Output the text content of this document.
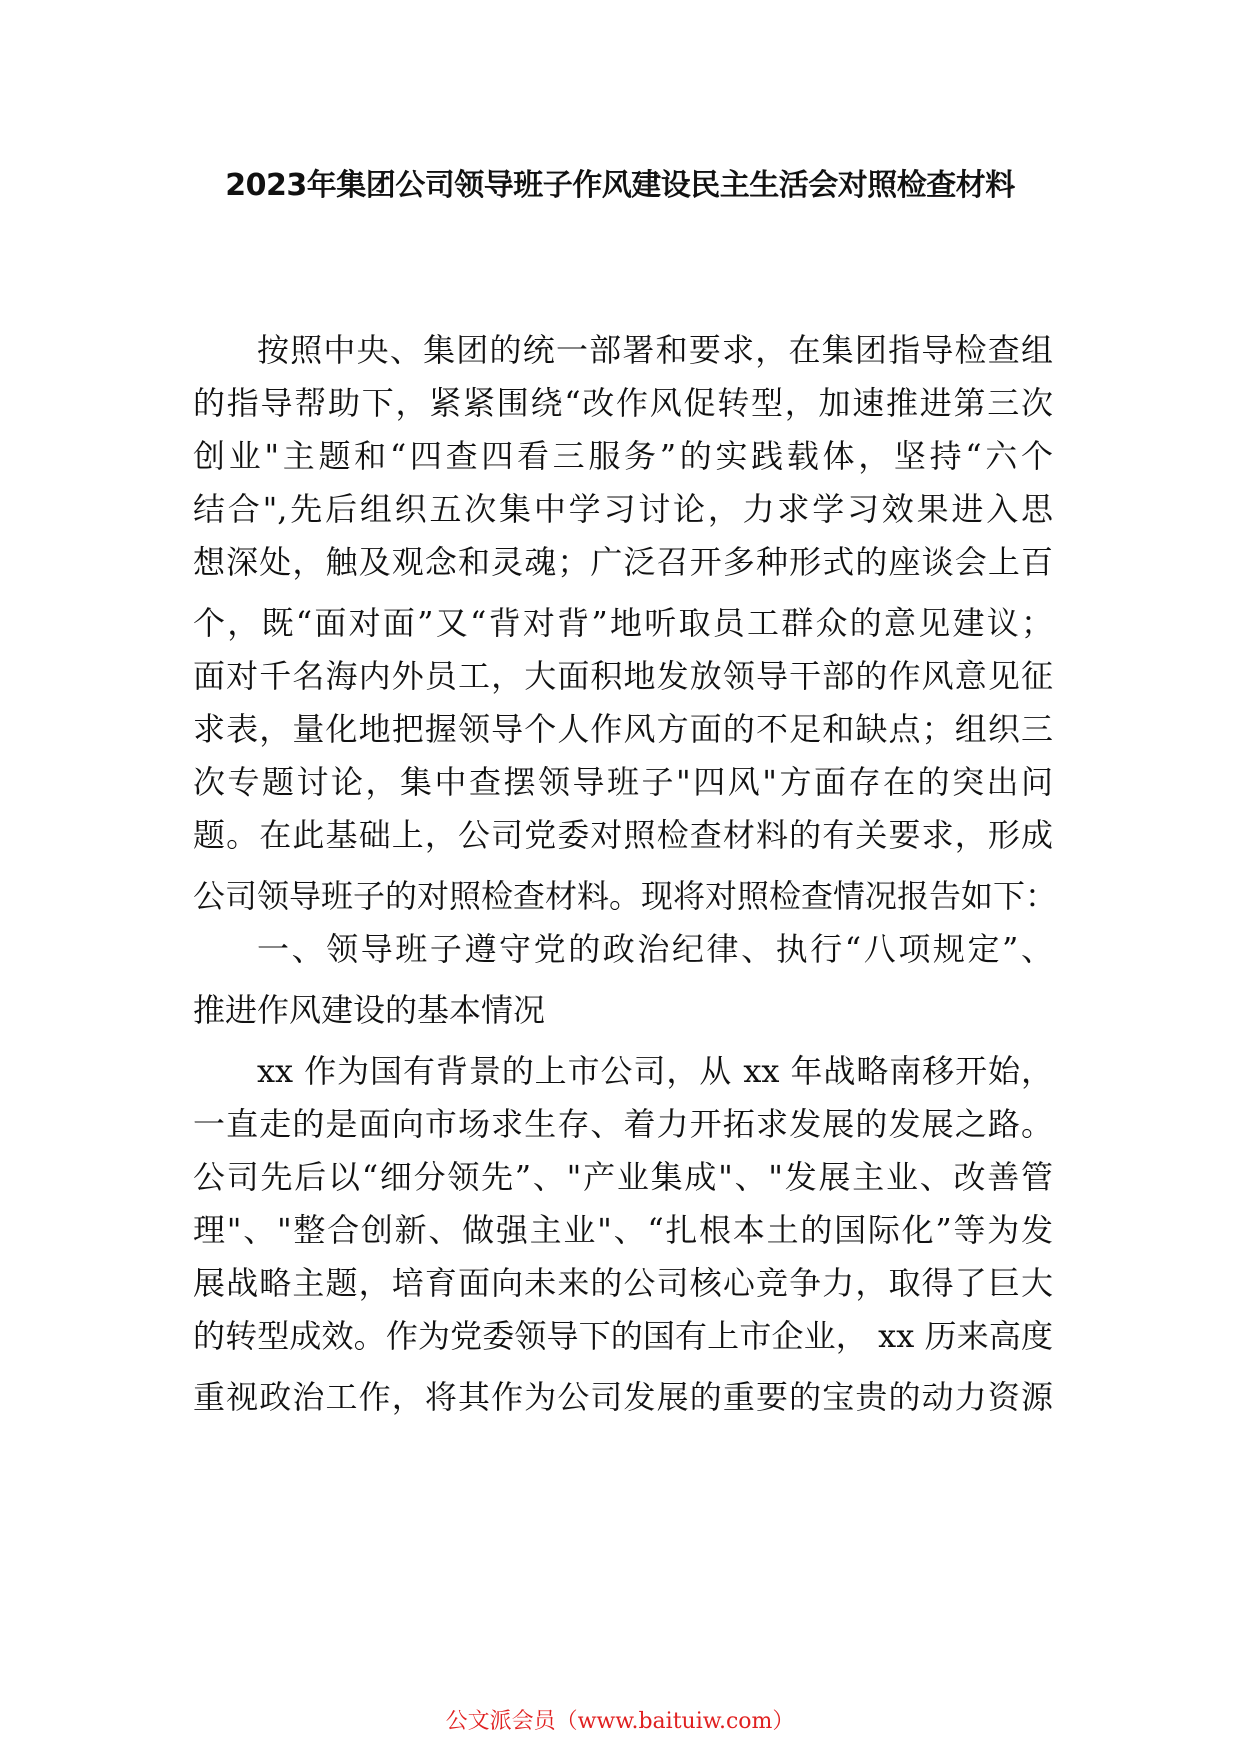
2023年集团公司领导班子作风建设民主生活会对照检查材料
按照中央、集团的统一部署和要求，在集团指导检查组
的指导帮助下，紧紧围绕“改作风促转型，加速推进第三次
创业"主题和“四查四看三服务”的实践载体，坚持“六个
结合",先后组织五次集中学习讨论，力求学习效果进入思
想深处，触及观念和灵魂；广泛召开多种形式的座谈会上百
个，既“面对面”又“背对背”地听取员工群众的意见建议；
面对千名海内外员工，大面积地发放领导干部的作风意见征
求表，量化地把握领导个人作风方面的不足和缺点；组织三
次专题讨论，集中查摆领导班子"四风"方面存在的突出问
题。在此基础上，公司党委对照检查材料的有关要求，形成
公司领导班子的对照检查材料。现将对照检查情况报告如下：
一、领导班子遵守党的政治纪律、执行“八项规定”、
推进作风建设的基本情况
xx 作为国有背景的上市公司，从 xx 年战略南移开始，
一直走的是面向市场求生存、着力开拓求发展的发展之路。
公司先后以“细分领先”、"产业集成"、"发展主业、改善管
理"、"整合创新、做强主业"、“扎根本土的国际化”等为发
展战略主题，培育面向未来的公司核心竞争力，取得了巨大
的转型成效。作为党委领导下的国有上市企业， xx 历来高度
重视政治工作，将其作为公司发展的重要的宝贵的动力资源
公文派会员（www.baituiw.com）
